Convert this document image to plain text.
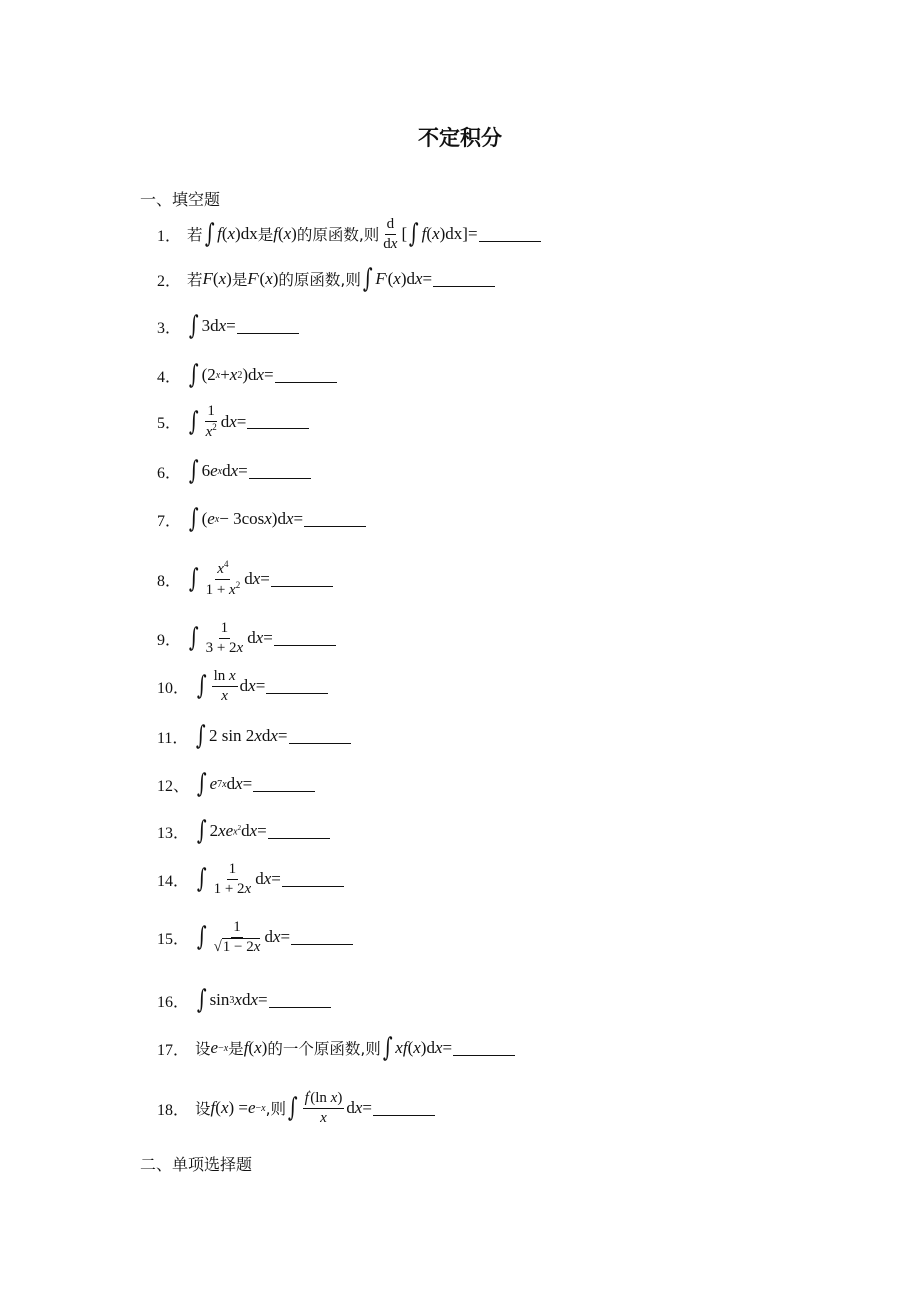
不定积分
一、填空题
1． 若 ∫ f ( x )dx 是 f ( x ) 的原函数,则 $\frac{d}{dx}$ [ ∫ f ( x )dx]=
2． 若 F ( x ) 是 F ' ( x ) 的原函数,则 ∫ F ' ( x )d x =
3． ∫ 3d x =
4． ∫ (2 x + x 2 )d x =
5． ∫ $\frac{1}{x^2}$ d x =
6． ∫ 6 e x d x =
7． ∫ ( e x − 3cos x )d x =
8． ∫ $\frac{x^4}{1 + x^2}$ d x =
9． ∫ $\frac{1}{3 + 2x}$ d x =
10． ∫ $\frac{\text{ln x}}{x}$ d x =
11． ∫ 2 sin 2 x d x =
12、 ∫ e 7x d x =
13． ∫ 2 xe $x^2$ d x =
14． ∫ $\frac{1}{1 + 2x}$ d x =
15． ∫ $\frac{1}{√1 - 2x}$ d x =
16． ∫ sin 3 x d x =
17． 设 e −x 是 f ( x ) 的一个原函数,则 ∫ xf ( x )d x =
18． 设 f ( x ) = e −x ,则 ∫ $\frac{f'(\ln x)}{x}$ d x =
二、单项选择题
